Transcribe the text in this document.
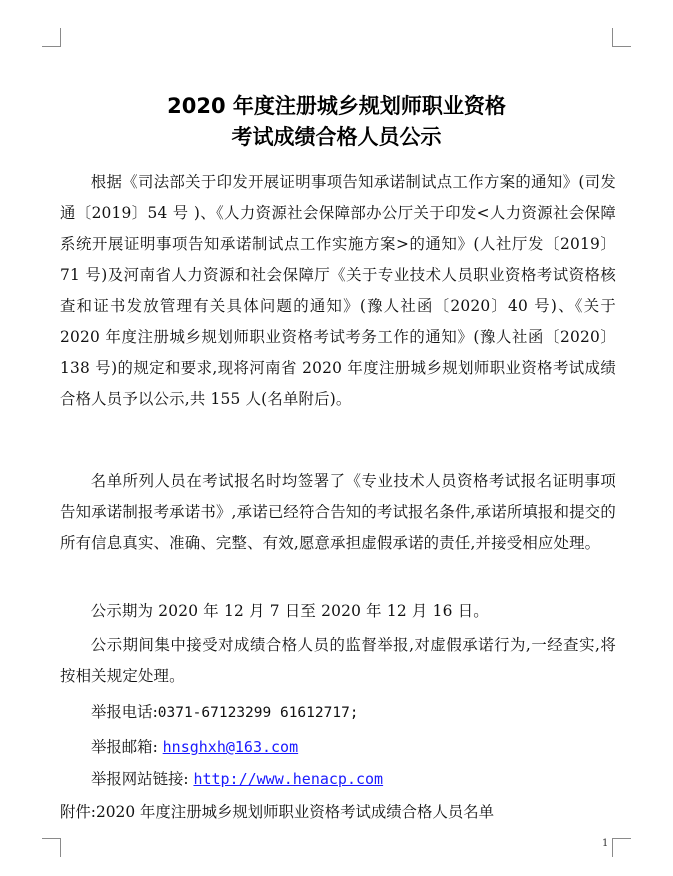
2020 年度注册城乡规划师职业资格
考试成绩合格人员公示

根据《司法部关于印发开展证明事项告知承诺制试点工作方案的通知》(司发通〔2019〕54 号 )、《人力资源社会保障部办公厅关于印发<人力资源社会保障系统开展证明事项告知承诺制试点工作实施方案>的通知》(人社厅发〔2019〕71 号)及河南省人力资源和社会保障厅《关于专业技术人员职业资格考试资格核查和证书发放管理有关具体问题的通知》(豫人社函〔2020〕40 号)、《关于 2020 年度注册城乡规划师职业资格考试考务工作的通知》(豫人社函〔2020〕138 号)的规定和要求,现将河南省 2020 年度注册城乡规划师职业资格考试成绩合格人员予以公示,共 155 人(名单附后)。

名单所列人员在考试报名时均签署了《专业技术人员资格考试报名证明事项告知承诺制报考承诺书》,承诺已经符合告知的考试报名条件,承诺所填报和提交的所有信息真实、准确、完整、有效,愿意承担虚假承诺的责任,并接受相应处理。

公示期为 2020 年 12 月 7 日至 2020 年 12 月 16 日。

公示期间集中接受对成绩合格人员的监督举报,对虚假承诺行为,一经查实,将按相关规定处理。

举报电话:0371-67123299 61612717;
举报邮箱: hnsghxh@163.com
举报网站链接: http://www.henacp.com
附件:2020 年度注册城乡规划师职业资格考试成绩合格人员名单
1
